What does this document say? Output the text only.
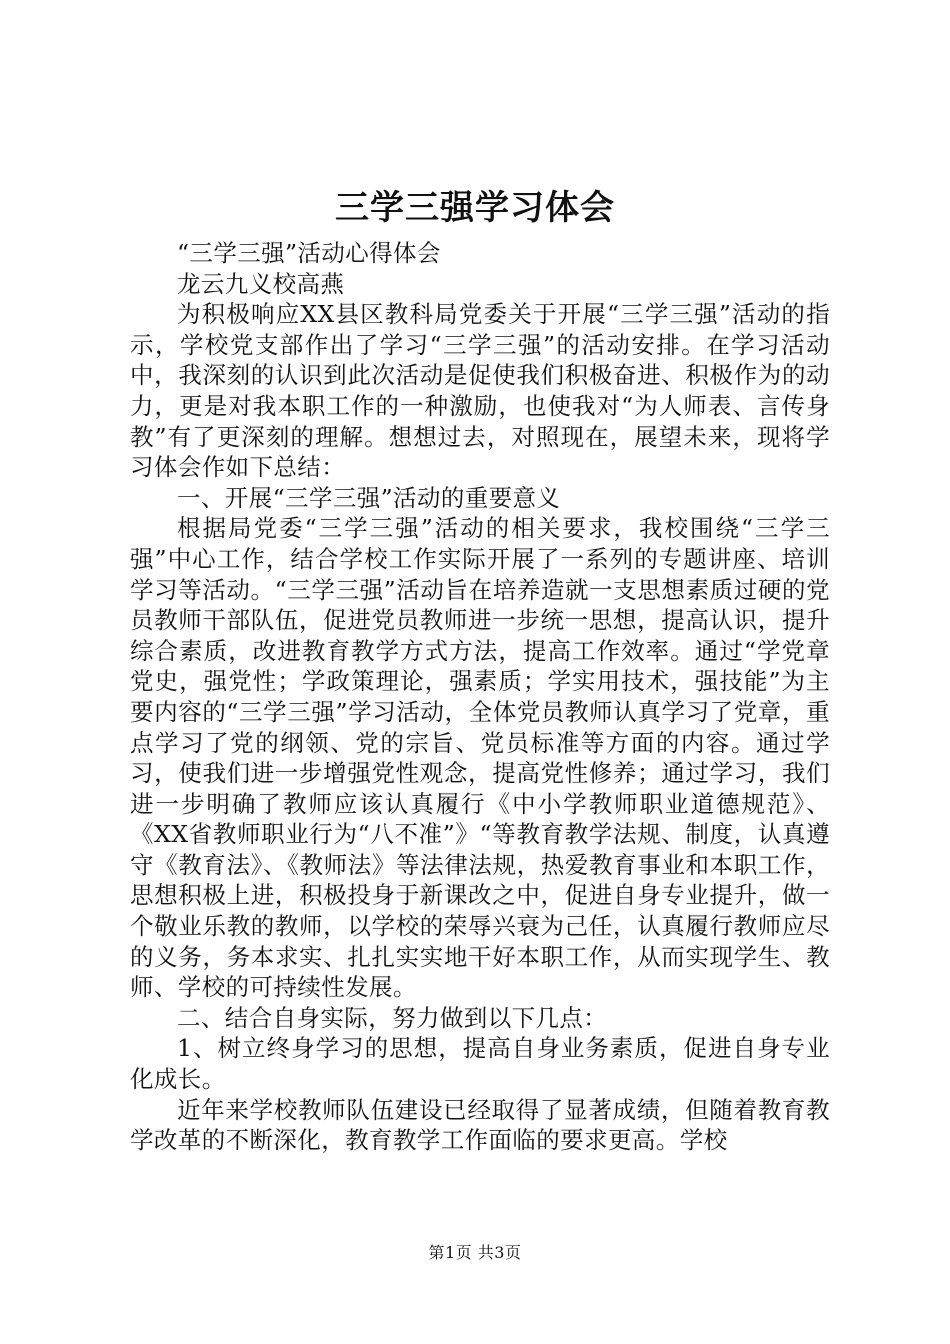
三学三强学习体会

“三学三强”活动心得体会

龙云九义校高燕

为积极响应XX县区教科局党委关于开展“三学三强”活动的指示，学校党支部作出了学习“三学三强”的活动安排。在学习活动中，我深刻的认识到此次活动是促使我们积极奋进、积极作为的动力，更是对我本职工作的一种激励，也使我对“为人师表、言传身教”有了更深刻的理解。想想过去，对照现在，展望未来，现将学习体会作如下总结：

一、开展“三学三强”活动的重要意义

根据局党委“三学三强”活动的相关要求，我校围绕“三学三强”中心工作，结合学校工作实际开展了一系列的专题讲座、培训学习等活动。“三学三强”活动旨在培养造就一支思想素质过硬的党员教师干部队伍，促进党员教师进一步统一思想，提高认识，提升综合素质，改进教育教学方式方法，提高工作效率。通过“学党章党史，强党性；学政策理论，强素质；学实用技术，强技能”为主要内容的“三学三强”学习活动，全体党员教师认真学习了党章，重点学习了党的纲领、党的宗旨、党员标准等方面的内容。通过学习，使我们进一步增强党性观念，提高党性修养；通过学习，我们进一步明确了教师应该认真履行《中小学教师职业道德规范》、《XX省教师职业行为“八不准”》“等教育教学法规、制度，认真遵守《教育法》、《教师法》等法律法规，热爱教育事业和本职工作，思想积极上进，积极投身于新课改之中，促进自身专业提升，做一个敬业乐教的教师，以学校的荣辱兴衰为己任，认真履行教师应尽的义务，务本求实、扎扎实实地干好本职工作，从而实现学生、教师、学校的可持续性发展。

二、结合自身实际，努力做到以下几点：

1、树立终身学习的思想，提高自身业务素质，促进自身专业化成长。

近年来学校教师队伍建设已经取得了显著成绩，但随着教育教学改革的不断深化，教育教学工作面临的要求更高。学校

第1页 共3页
